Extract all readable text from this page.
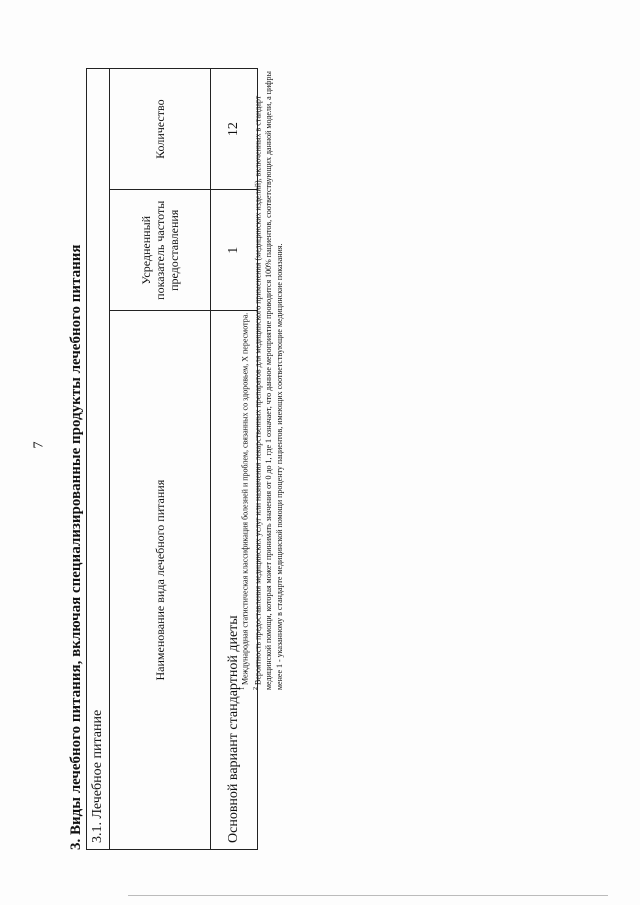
7 3. Виды лечебного питания, включая специализированные продукты лечебного питания 3.1. Лечебное питание		
Наименование вида лечебного питания	Усредненный показатель частоты предоставления	Количество
Основной вариант стандартной диеты	1	12

$^1$ Международная статистическая классификация болезней и проблем, связанных со здоровьем, X пересмотра.

$^2$ Вероятность предоставления медицинских услуг или назначения лекарственных препаратов для медицинского применения (медицинских изделий), включенных в стандарт медицинской помощи, которая может принимать значения от 0 до 1, где 1 означает, что данное мероприятие проводится 100% пациентов, соответствующих данной модели, а цифры менее 1 - указанному в стандарте медицинской помощи проценту пациентов, имеющих соответствующие медицинские показания.
